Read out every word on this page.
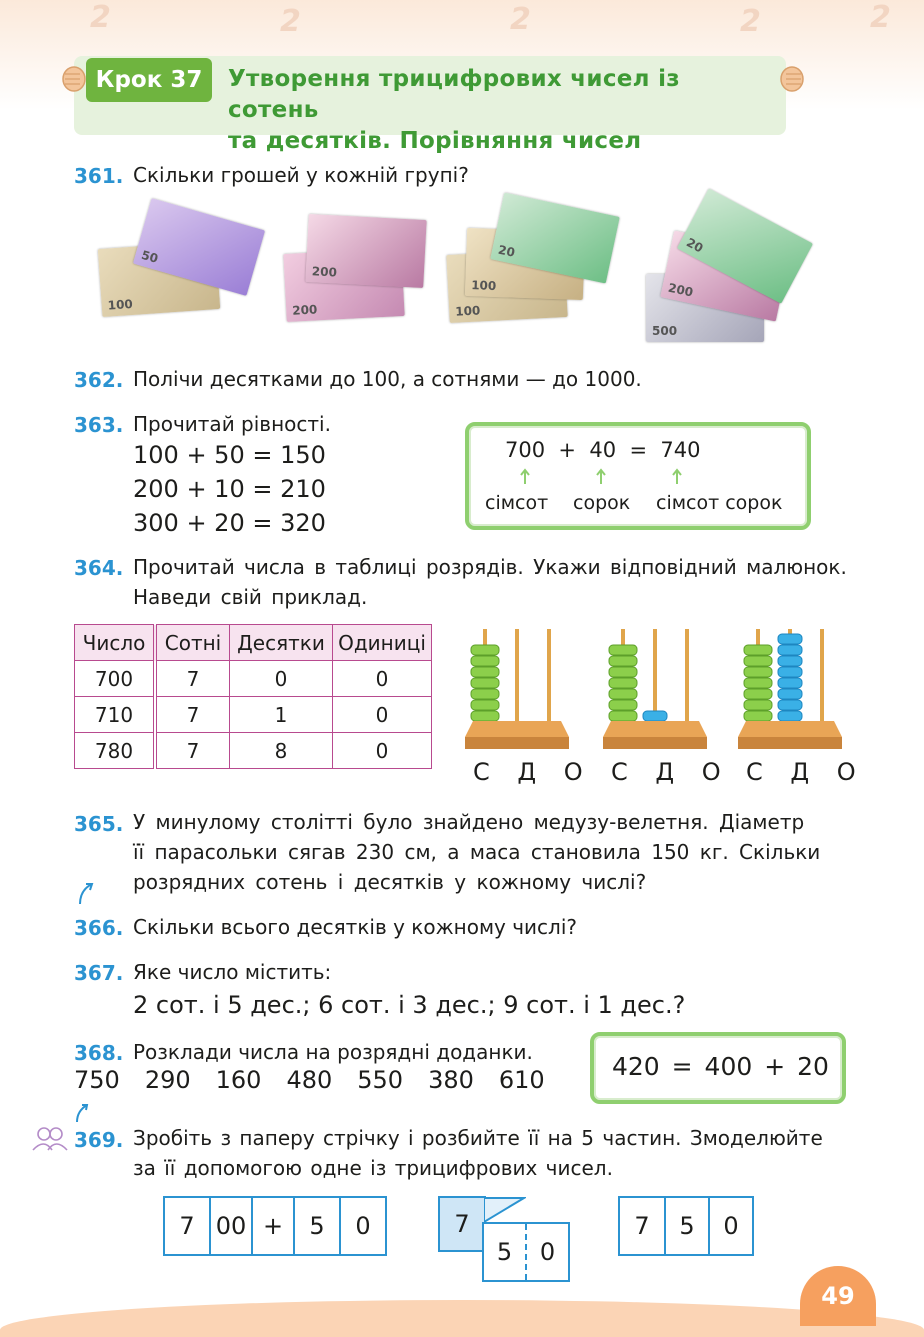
2	2	2	2	2
Крок 37	Утворення трицифрових чисел із сотень
та десятків. Порівняння чисел
361. Скільки грошей у кожній групі?
100
50
200
200
100
100
20
500
200
20
362. Полічи десятками до 100, а сотнями — до 1000.
363. Прочитай рівності.
100 + 50 = 150
200 + 10 = 210
300 + 20 = 320
700  +  40  =  740
сімсот сорок сімсот сорок
364. Прочитай числа в таблиці розрядів. Укажи відповідний малюнок.
Наведи свій приклад.
Число	Сотні	Десятки	Одиниці
700	7	0	0
710	7	1	0
780	7	8	0
С Д О С Д О С Д О
365. У минулому столітті було знайдено медузу-велетня. Діаметр
її парасольки сягав 230 см, а маса становила 150 кг. Скільки
розрядних сотень і десятків у кожному числі?
366. Скільки всього десятків у кожному числі?
367. Яке число містить:
2 сот. і 5 дес.; 6 сот. і 3 дес.; 9 сот. і 1 дес.?
368. Розклади числа на розрядні доданки.
750 290 160 480 550 380 610	420 = 400 + 20
369. Зробіть з паперу стрічку і розбийте її на 5 частин. Змоделюйте
за її допомогою одне із трицифрових чисел.
7 00 +	5	0	7
5	0
7	5	0
49
